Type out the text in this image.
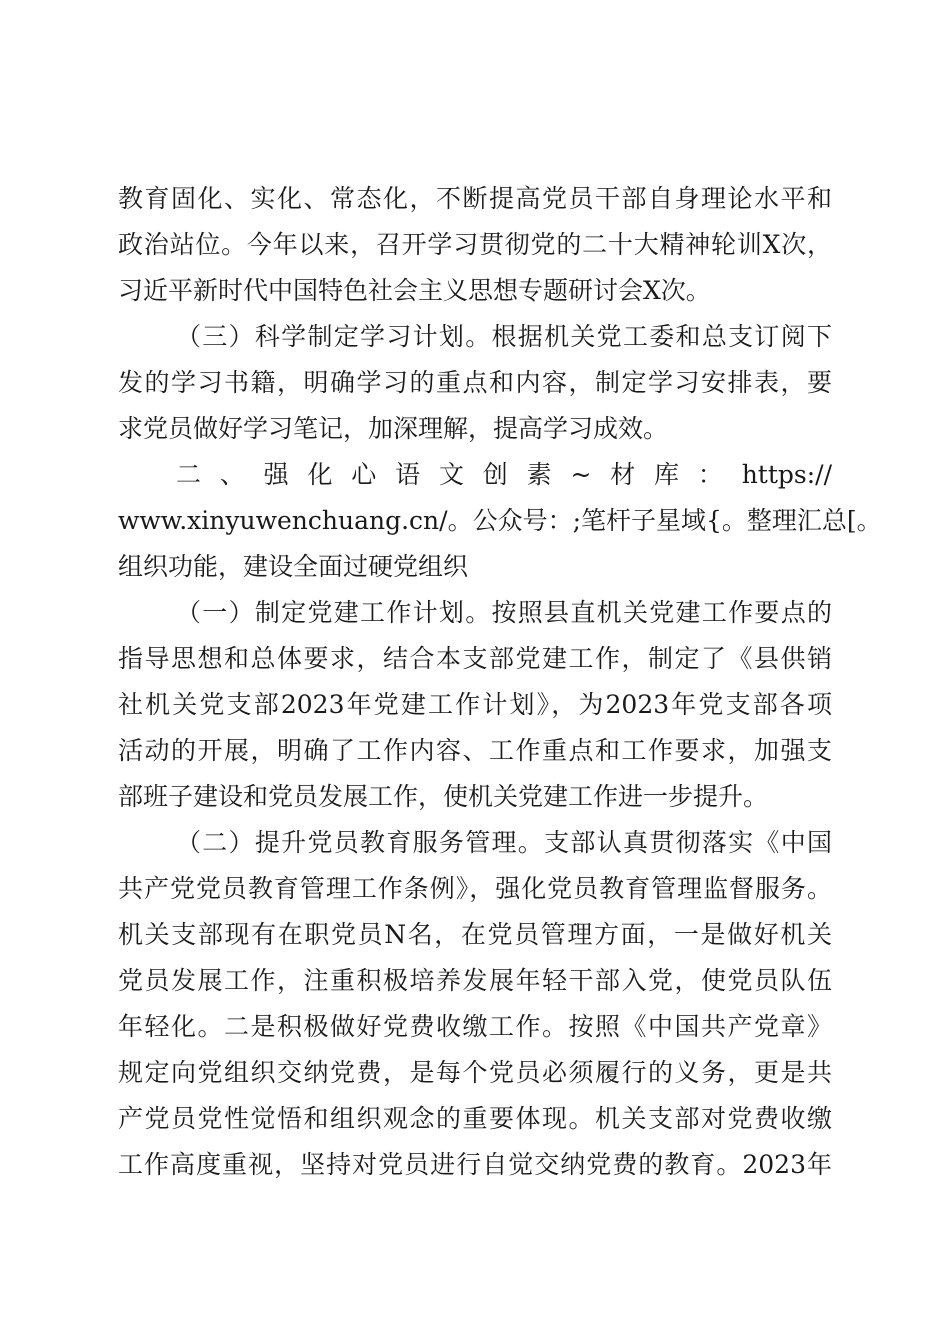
教育固化、实化、常态化，不断提高党员干部自身理论水平和
政治站位。今年以来，召开学习贯彻党的二十大精神轮训X次，
习近平新时代中国特色社会主义思想专题研讨会X次。

（三）科学制定学习计划。根据机关党工委和总支订阅下
发的学习书籍，明确学习的重点和内容，制定学习安排表，要
求党员做好学习笔记，加深理解，提高学习成效。

二、强化心语文创素~材库：https://
www.xinyuwenchuang.cn/。公众号：;笔杆子星域{。整理汇总[。
组织功能，建设全面过硬党组织

（一）制定党建工作计划。按照县直机关党建工作要点的
指导思想和总体要求，结合本支部党建工作，制定了《县供销
社机关党支部2023年党建工作计划》，为2023年党支部各项
活动的开展，明确了工作内容、工作重点和工作要求，加强支
部班子建设和党员发展工作，使机关党建工作进一步提升。

（二）提升党员教育服务管理。支部认真贯彻落实《中国
共产党党员教育管理工作条例》，强化党员教育管理监督服务。
机关支部现有在职党员N名，在党员管理方面，一是做好机关
党员发展工作，注重积极培养发展年轻干部入党，使党员队伍
年轻化。二是积极做好党费收缴工作。按照《中国共产党章》
规定向党组织交纳党费，是每个党员必须履行的义务，更是共
产党员党性觉悟和组织观念的重要体现。机关支部对党费收缴
工作高度重视，坚持对党员进行自觉交纳党费的教育。2023年
